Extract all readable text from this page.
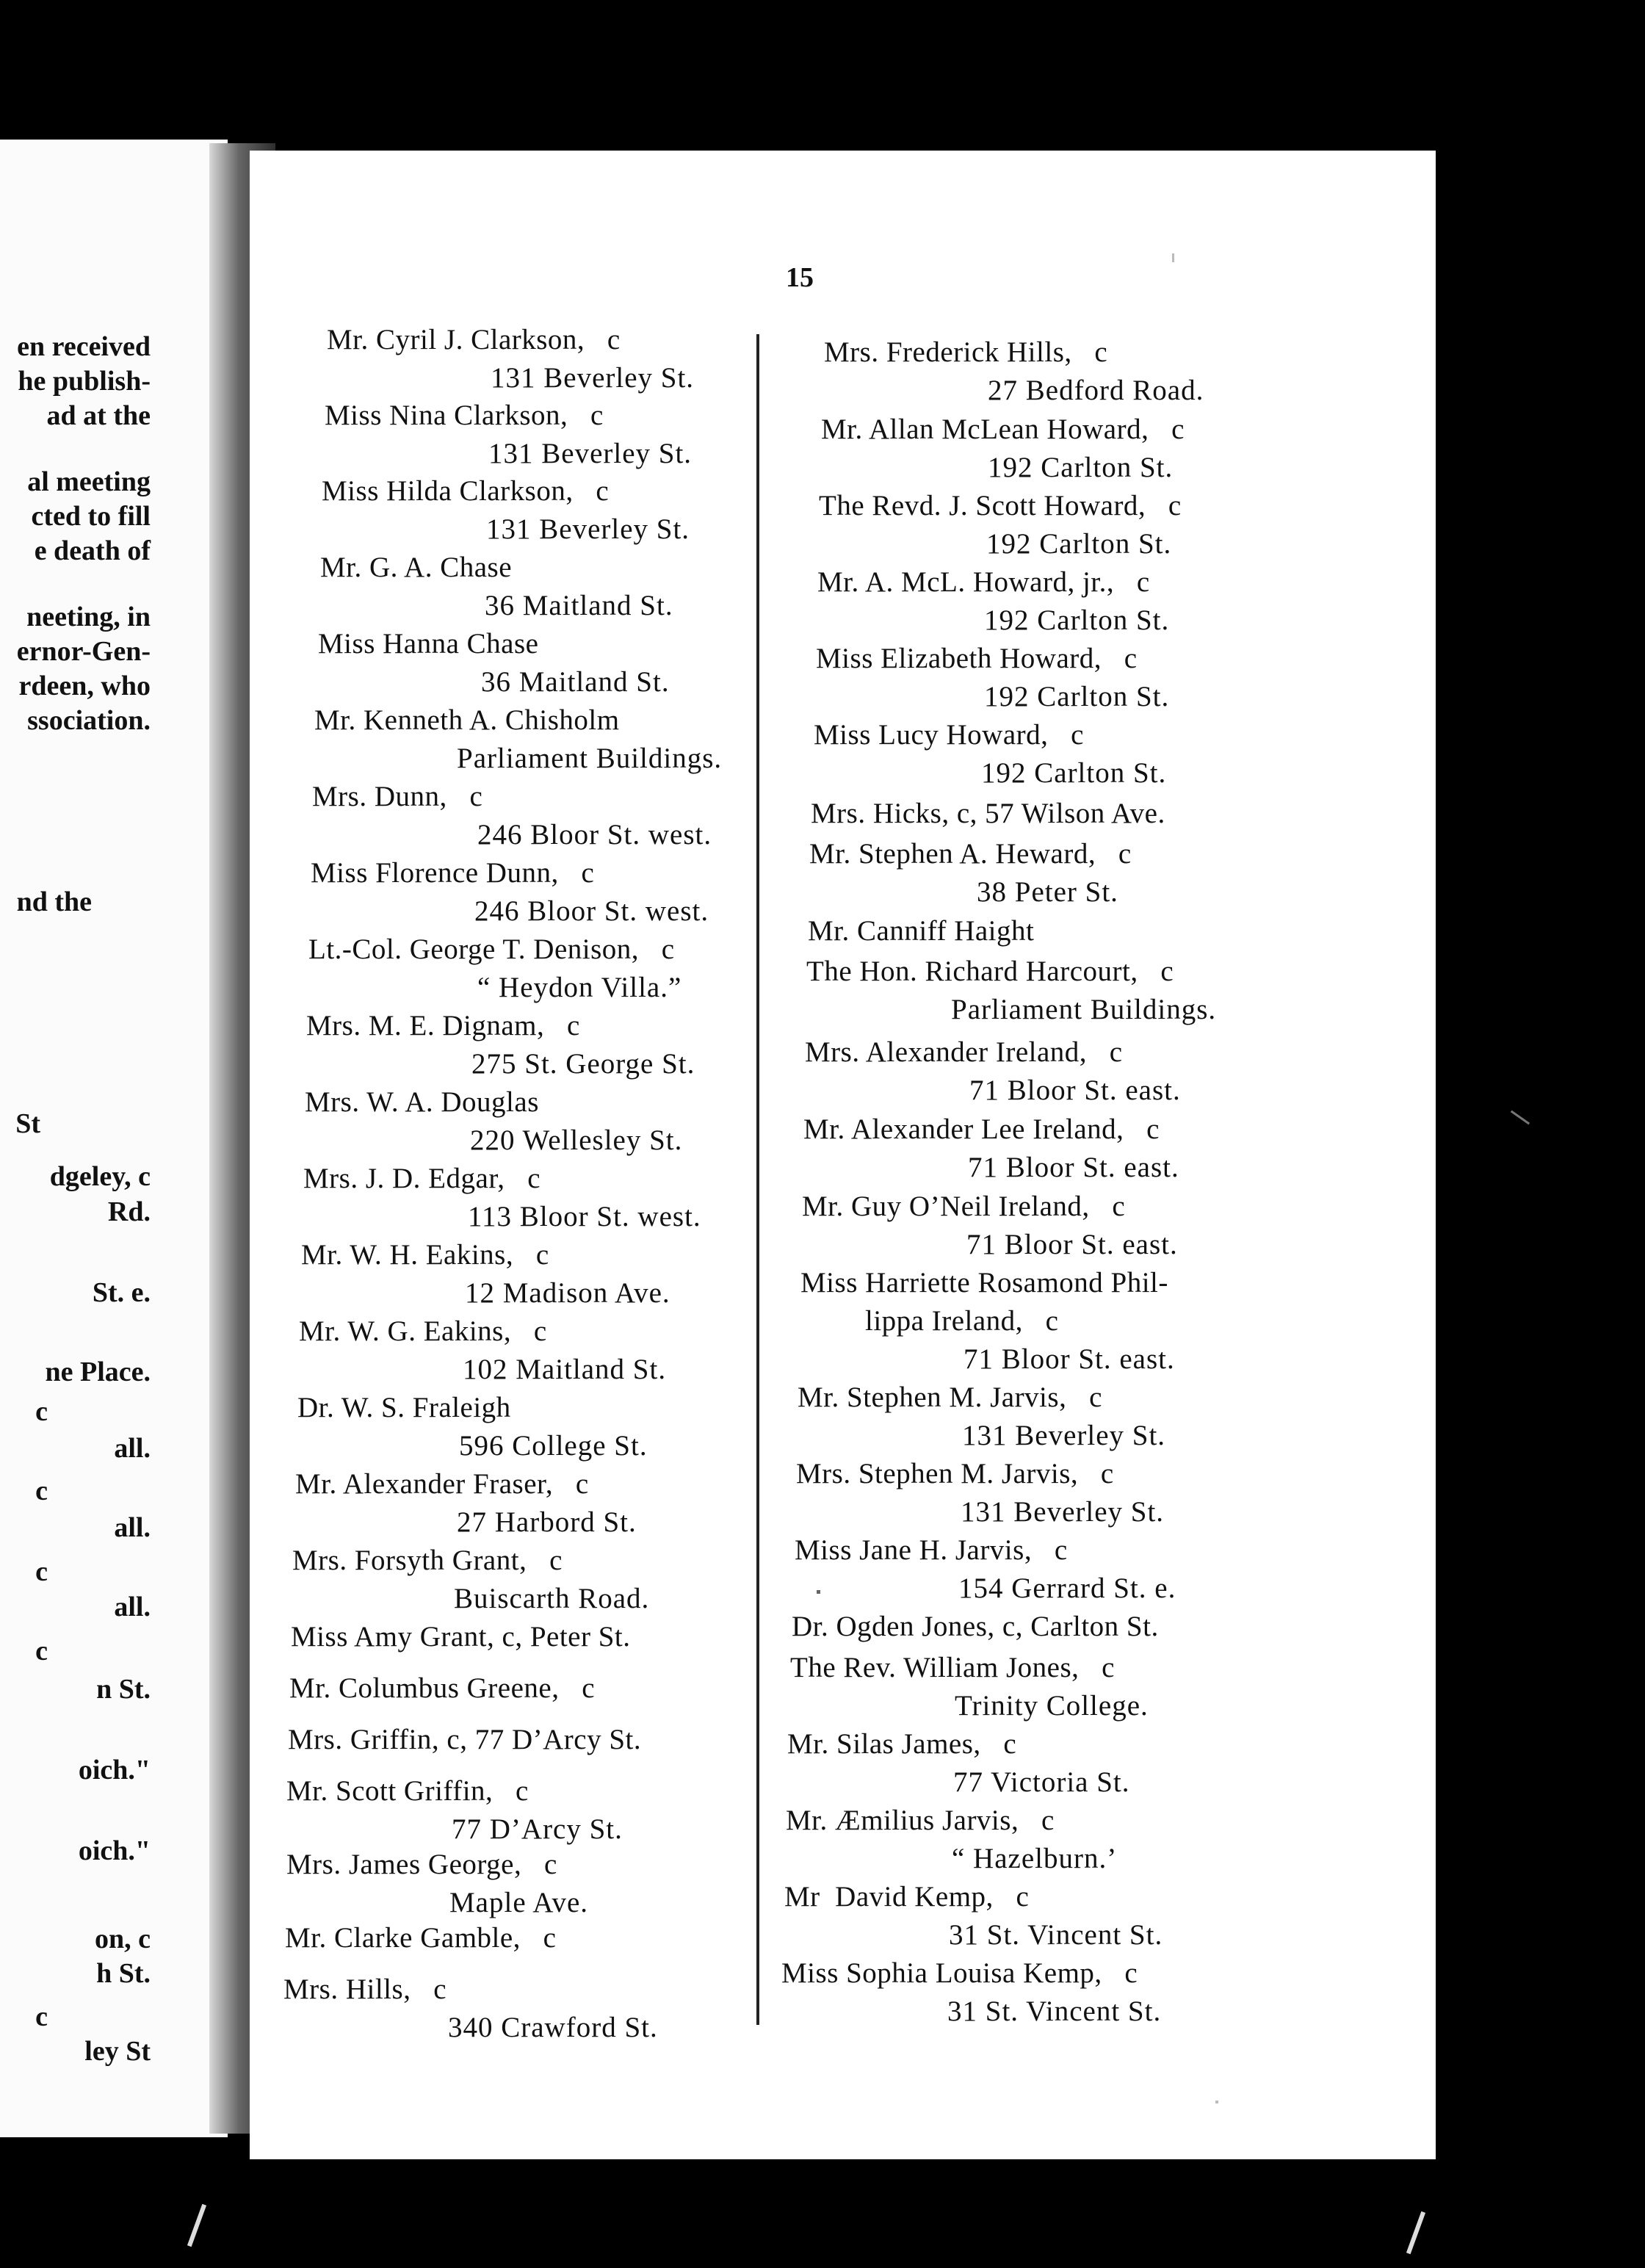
en received
he publish-
ad at the
al meeting
cted to fill
e death of
neeting, in
ernor-Gen-
rdeen, who
ssociation.
nd the
St
dgeley, c
Rd.
St. e.
ne Place.
c
all.
c
all.
c
all.
c
n St.
oich."
oich."
on, c
h St.
c
ley St
15
Mr. Cyril J. Clarkson,   c
131 Beverley St.
Miss Nina Clarkson,   c
131 Beverley St.
Miss Hilda Clarkson,   c
131 Beverley St.
Mr. G. A. Chase
36 Maitland St.
Miss Hanna Chase
36 Maitland St.
Mr. Kenneth A. Chisholm
Parliament Buildings.
Mrs. Dunn,   c
246 Bloor St. west.
Miss Florence Dunn,   c
246 Bloor St. west.
Lt.-Col. George T. Denison,   c
“ Heydon Villa.”
Mrs. M. E. Dignam,   c
275 St. George St.
Mrs. W. A. Douglas
220 Wellesley St.
Mrs. J. D. Edgar,   c
113 Bloor St. west.
Mr. W. H. Eakins,   c
12 Madison Ave.
Mr. W. G. Eakins,   c
102 Maitland St.
Dr. W. S. Fraleigh
596 College St.
Mr. Alexander Fraser,   c
27 Harbord St.
Mrs. Forsyth Grant,   c
Buiscarth Road.
Miss Amy Grant, c, Peter St.
Mr. Columbus Greene,   c
Mrs. Griffin, c, 77 D’Arcy St.
Mr. Scott Griffin,   c
77 D’Arcy St.
Mrs. James George,   c
Maple Ave.
Mr. Clarke Gamble,   c
Mrs. Hills,   c
340 Crawford St.
Mrs. Frederick Hills,   c
27 Bedford Road.
Mr. Allan McLean Howard,   c
192 Carlton St.
The Revd. J. Scott Howard,   c
192 Carlton St.
Mr. A. McL. Howard, jr.,   c
192 Carlton St.
Miss Elizabeth Howard,   c
192 Carlton St.
Miss Lucy Howard,   c
192 Carlton St.
Mrs. Hicks, c, 57 Wilson Ave.
Mr. Stephen A. Heward,   c
38 Peter St.
Mr. Canniff Haight
The Hon. Richard Harcourt,   c
Parliament Buildings.
Mrs. Alexander Ireland,   c
71 Bloor St. east.
Mr. Alexander Lee Ireland,   c
71 Bloor St. east.
Mr. Guy O’Neil Ireland,   c
71 Bloor St. east.
Miss Harriette Rosamond Phil-
lippa Ireland,   c
71 Bloor St. east.
Mr. Stephen M. Jarvis,   c
131 Beverley St.
Mrs. Stephen M. Jarvis,   c
131 Beverley St.
Miss Jane H. Jarvis,   c
154 Gerrard St. e.
Dr. Ogden Jones, c, Carlton St.
The Rev. William Jones,   c
Trinity College.
Mr. Silas James,   c
77 Victoria St.
Mr. Æmilius Jarvis,   c
“ Hazelburn.’
Mr  David Kemp,   c
31 St. Vincent St.
Miss Sophia Louisa Kemp,   c
31 St. Vincent St.
